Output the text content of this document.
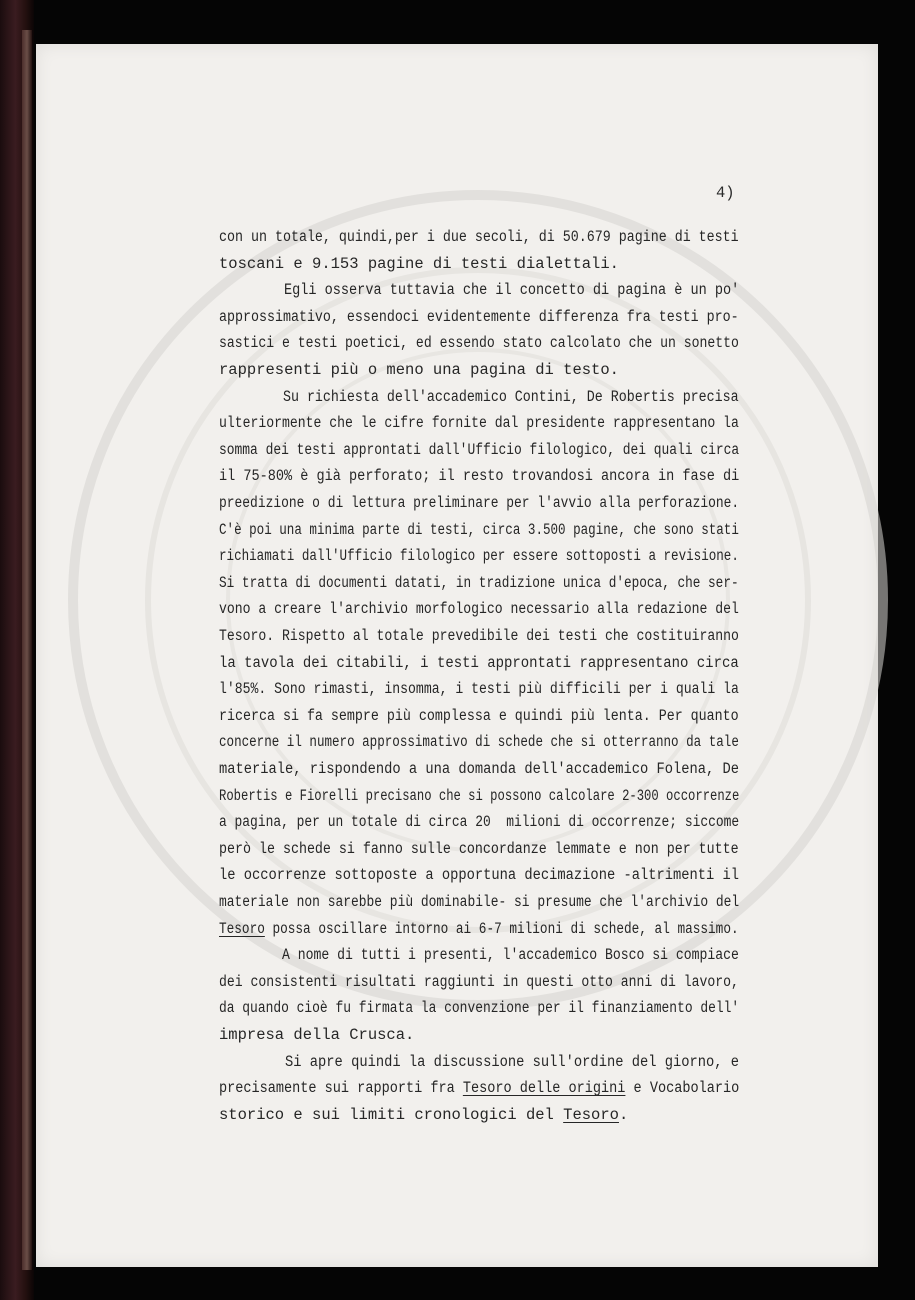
4)
con un totale, quindi,per i due secoli, di 50.679 pagine di testi
toscani e 9.153 pagine di testi dialettali.
Egli osserva tuttavia che il concetto di pagina è un po'
approssimativo, essendoci evidentemente differenza fra testi pro-
sastici e testi poetici, ed essendo stato calcolato che un sonetto
rappresenti più o meno una pagina di testo.
Su richiesta dell'accademico Contini, De Robertis precisa
ulteriormente che le cifre fornite dal presidente rappresentano la
somma dei testi approntati dall'Ufficio filologico, dei quali circa
il 75-80% è già perforato; il resto trovandosi ancora in fase di
preedizione o di lettura preliminare per l'avvio alla perforazione.
C'è poi una minima parte di testi, circa 3.500 pagine, che sono stati
richiamati dall'Ufficio filologico per essere sottoposti a revisione.
Si tratta di documenti datati, in tradizione unica d'epoca, che ser-
vono a creare l'archivio morfologico necessario alla redazione del
Tesoro. Rispetto al totale prevedibile dei testi che costituiranno
la tavola dei citabili, i testi approntati rappresentano circa
l'85%. Sono rimasti, insomma, i testi più difficili per i quali la
ricerca si fa sempre più complessa e quindi più lenta. Per quanto
concerne il numero approssimativo di schede che si otterranno da tale
materiale, rispondendo a una domanda dell'accademico Folena, De
Robertis e Fiorelli precisano che si possono calcolare 2-300 occorrenze
a pagina, per un totale di circa 20  milioni di occorrenze; siccome
però le schede si fanno sulle concordanze lemmate e non per tutte
le occorrenze sottoposte a opportuna decimazione -altrimenti il
materiale non sarebbe più dominabile- si presume che l'archivio del
Tesoro possa oscillare intorno ai 6-7 milioni di schede, al massimo.
A nome di tutti i presenti, l'accademico Bosco si compiace
dei consistenti risultati raggiunti in questi otto anni di lavoro,
da quando cioè fu firmata la convenzione per il finanziamento dell'
impresa della Crusca.
Si apre quindi la discussione sull'ordine del giorno, e
precisamente sui rapporti fra Tesoro delle origini e Vocabolario
storico e sui limiti cronologici del Tesoro.
